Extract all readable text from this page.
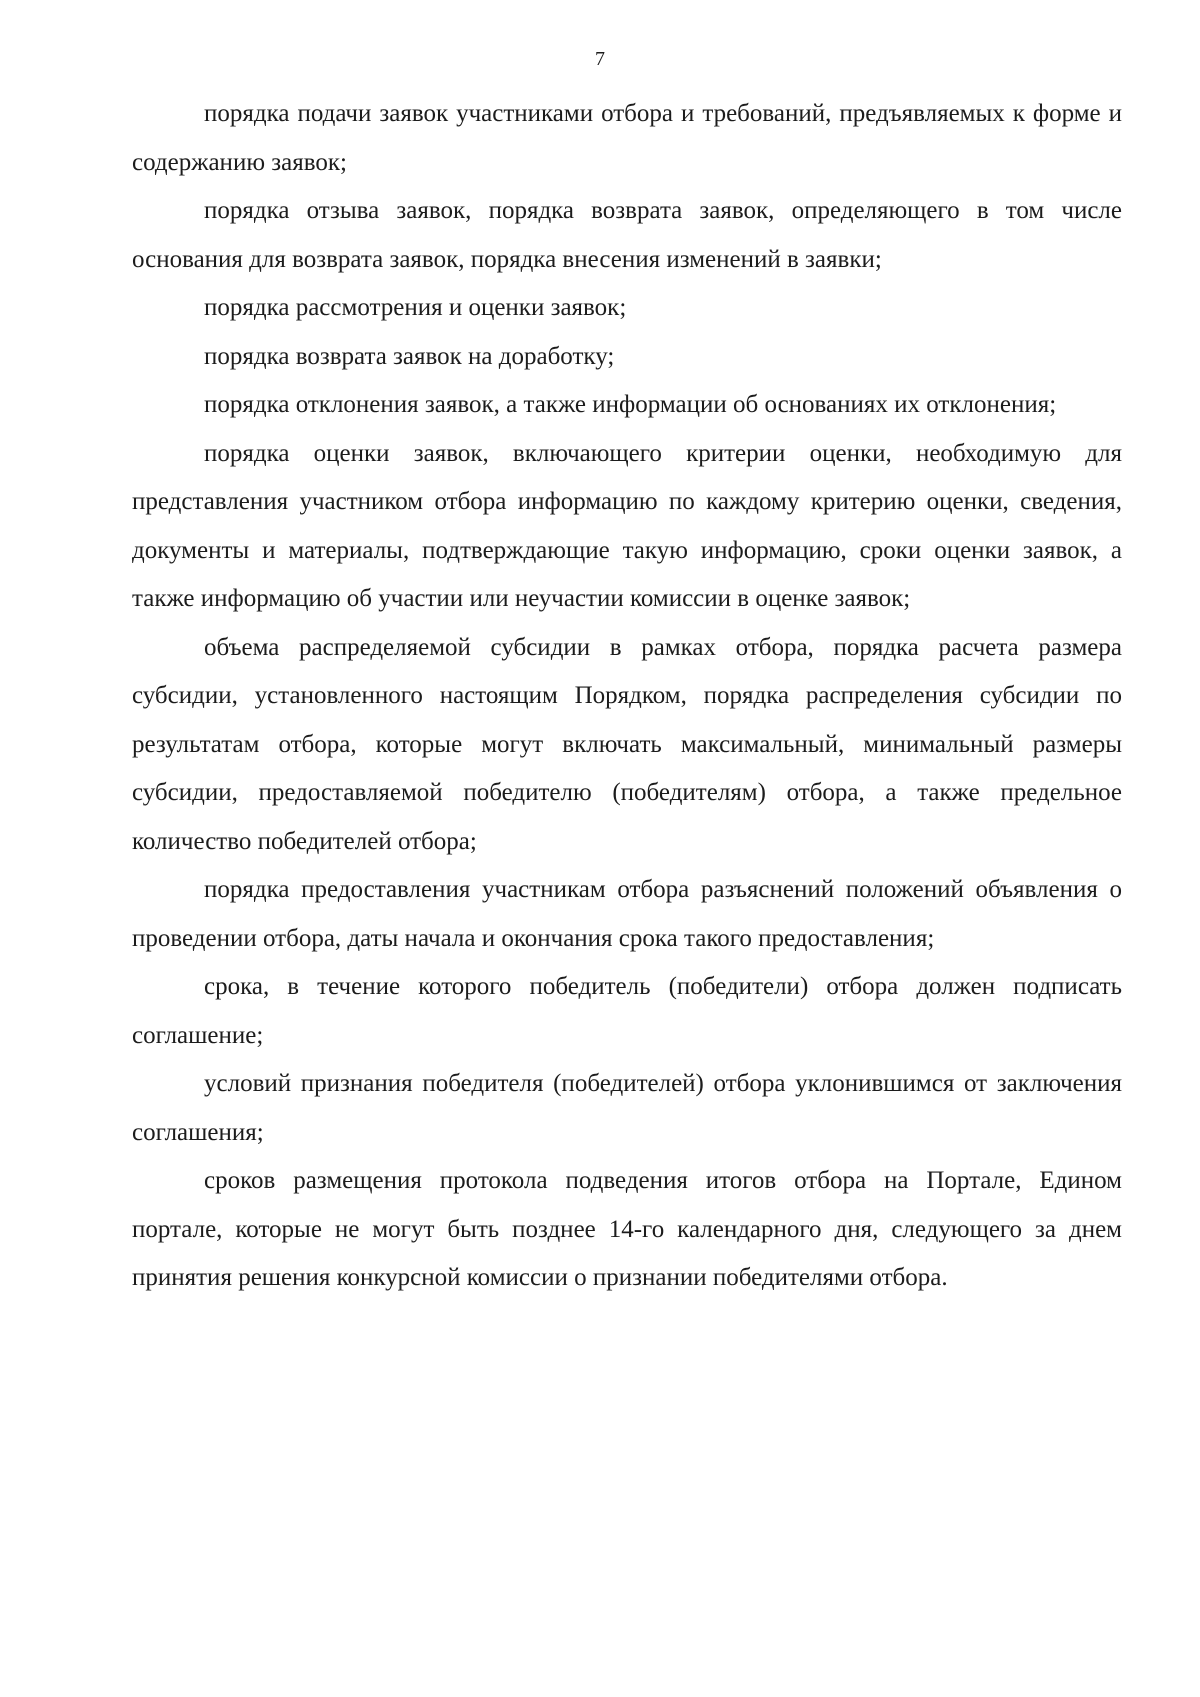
7

порядка подачи заявок участниками отбора и требований, предъявляемых к форме и содержанию заявок;

порядка отзыва заявок, порядка возврата заявок, определяющего в том числе основания для возврата заявок, порядка внесения изменений в заявки;

порядка рассмотрения и оценки заявок;

порядка возврата заявок на доработку;

порядка отклонения заявок, а также информации об основаниях их отклонения;

порядка оценки заявок, включающего критерии оценки, необходимую для представления участником отбора информацию по каждому критерию оценки, сведения, документы и материалы, подтверждающие такую информацию, сроки оценки заявок, а также информацию об участии или неучастии комиссии в оценке заявок;

объема распределяемой субсидии в рамках отбора, порядка расчета размера субсидии, установленного настоящим Порядком, порядка распределения субсидии по результатам отбора, которые могут включать максимальный, минимальный размеры субсидии, предоставляемой победителю (победителям) отбора, а также предельное количество победителей отбора;

порядка предоставления участникам отбора разъяснений положений объявления о проведении отбора, даты начала и окончания срока такого предоставления;

срока, в течение которого победитель (победители) отбора должен подписать соглашение;

условий признания победителя (победителей) отбора уклонившимся от заключения соглашения;

сроков размещения протокола подведения итогов отбора на Портале, Едином портале, которые не могут быть позднее 14-го календарного дня, следующего за днем принятия решения конкурсной комиссии о признании победителями отбора.
